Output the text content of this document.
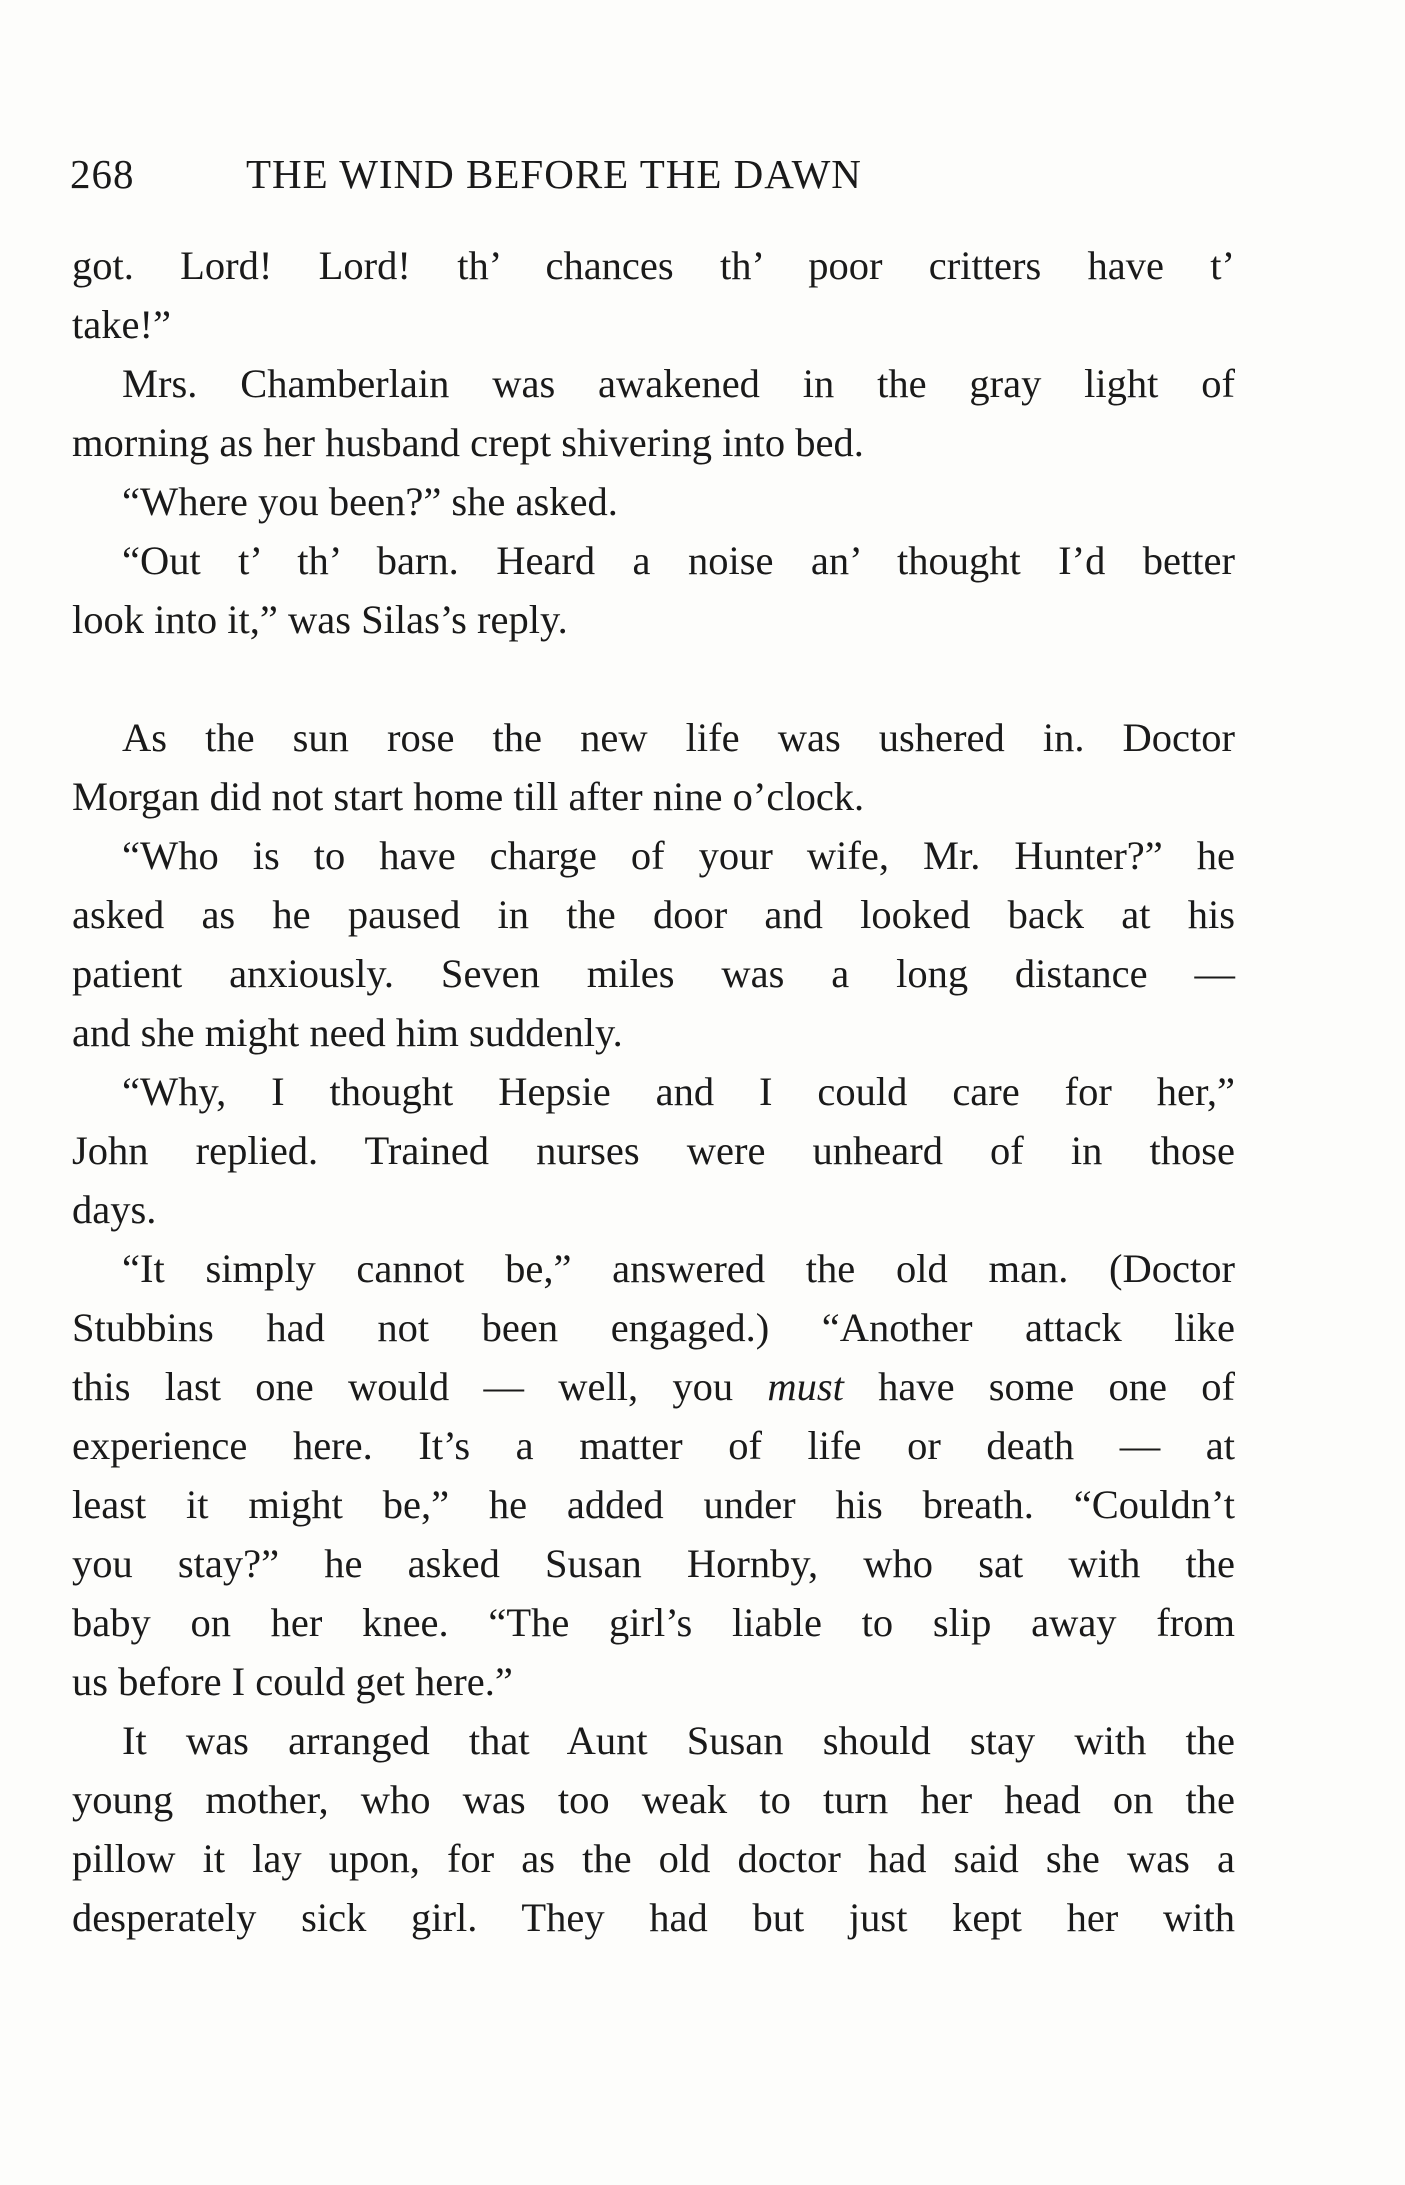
268	THE WIND BEFORE THE DAWN
got. Lord! Lord! th’ chances th’ poor critters have t’
take!”
Mrs. Chamberlain was awakened in the gray light of
morning as her husband crept shivering into bed.
“Where you been?” she asked.
“Out t’ th’ barn. Heard a noise an’ thought I’d better
look into it,” was Silas’s reply.
As the sun rose the new life was ushered in. Doctor
Morgan did not start home till after nine o’clock.
“Who is to have charge of your wife, Mr. Hunter?” he
asked as he paused in the door and looked back at his
patient anxiously. Seven miles was a long distance —
and she might need him suddenly.
“Why, I thought Hepsie and I could care for her,”
John replied. Trained nurses were unheard of in those
days.
“It simply cannot be,” answered the old man. (Doctor
Stubbins had not been engaged.) “Another attack like
this last one would — well, you must have some one of
experience here. It’s a matter of life or death — at
least it might be,” he added under his breath. “Couldn’t
you stay?” he asked Susan Hornby, who sat with the
baby on her knee. “The girl’s liable to slip away from
us before I could get here.”
It was arranged that Aunt Susan should stay with the
young mother, who was too weak to turn her head on the
pillow it lay upon, for as the old doctor had said she was a
desperately sick girl. They had but just kept her with
